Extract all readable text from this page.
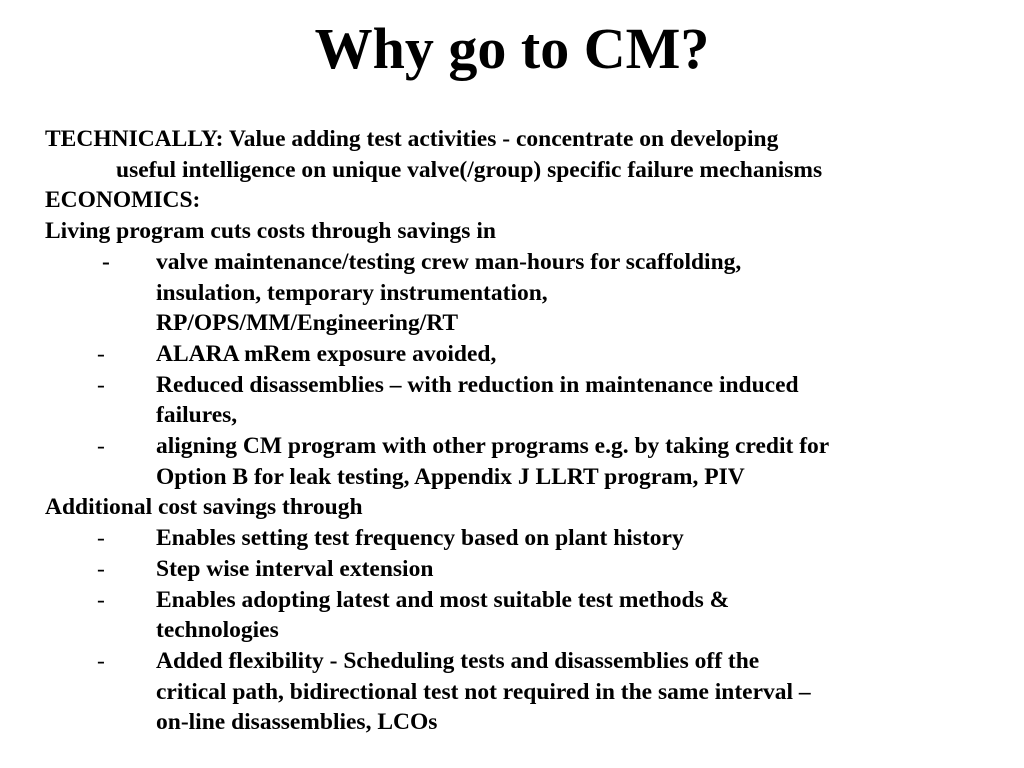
Why go to CM?
TECHNICALLY: Value adding test activities - concentrate on developing
useful intelligence on unique valve(/group) specific failure mechanisms
ECONOMICS:
Living program cuts costs through savings in
-	valve maintenance/testing crew man-hours for scaffolding,
insulation, temporary instrumentation,
RP/OPS/MM/Engineering/RT
-	ALARA mRem exposure avoided,
-	Reduced disassemblies – with reduction in maintenance induced
failures,
-	aligning CM program with other programs e.g. by taking credit for
Option B for leak testing, Appendix J LLRT program, PIV
Additional cost savings through
-	Enables setting test frequency based on plant history
-	Step wise interval extension
-	Enables adopting latest and most suitable test methods &
technologies
-	Added flexibility - Scheduling tests and disassemblies off the
critical path, bidirectional test not required in the same interval –
on-line disassemblies, LCOs
